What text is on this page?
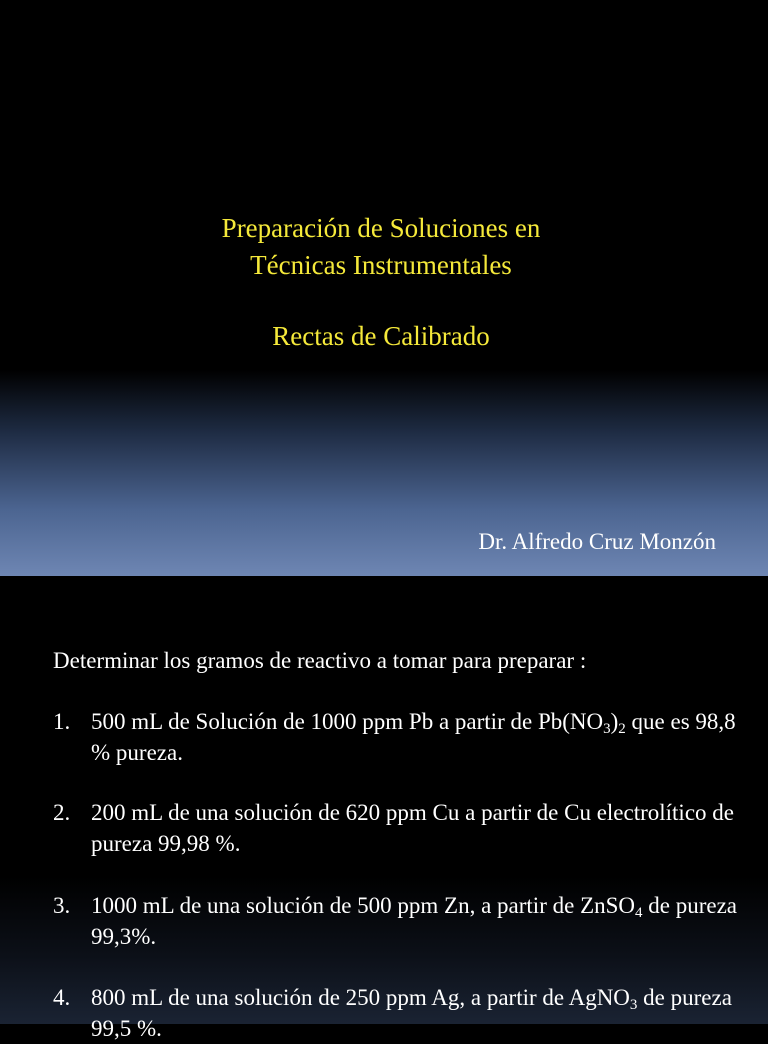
Preparación de Soluciones en
Técnicas Instrumentales
Rectas de Calibrado
Dr. Alfredo Cruz Monzón
Determinar los gramos de reactivo a tomar para preparar :
1. 500 mL de Solución de 1000 ppm Pb a partir de $Pb(NO_3)_2$ que es 98,8 % pureza.
2. 200 mL de una solución de 620 ppm Cu a partir de Cu electrolítico de pureza 99,98 %.
3. 1000 mL de una solución de 500 ppm Zn, a partir de ZnSO$_4$ de pureza 99,3%.
4. 800 mL de una solución de 250 ppm Ag, a partir de AgNO$_3$ de pureza 99,5 %.
